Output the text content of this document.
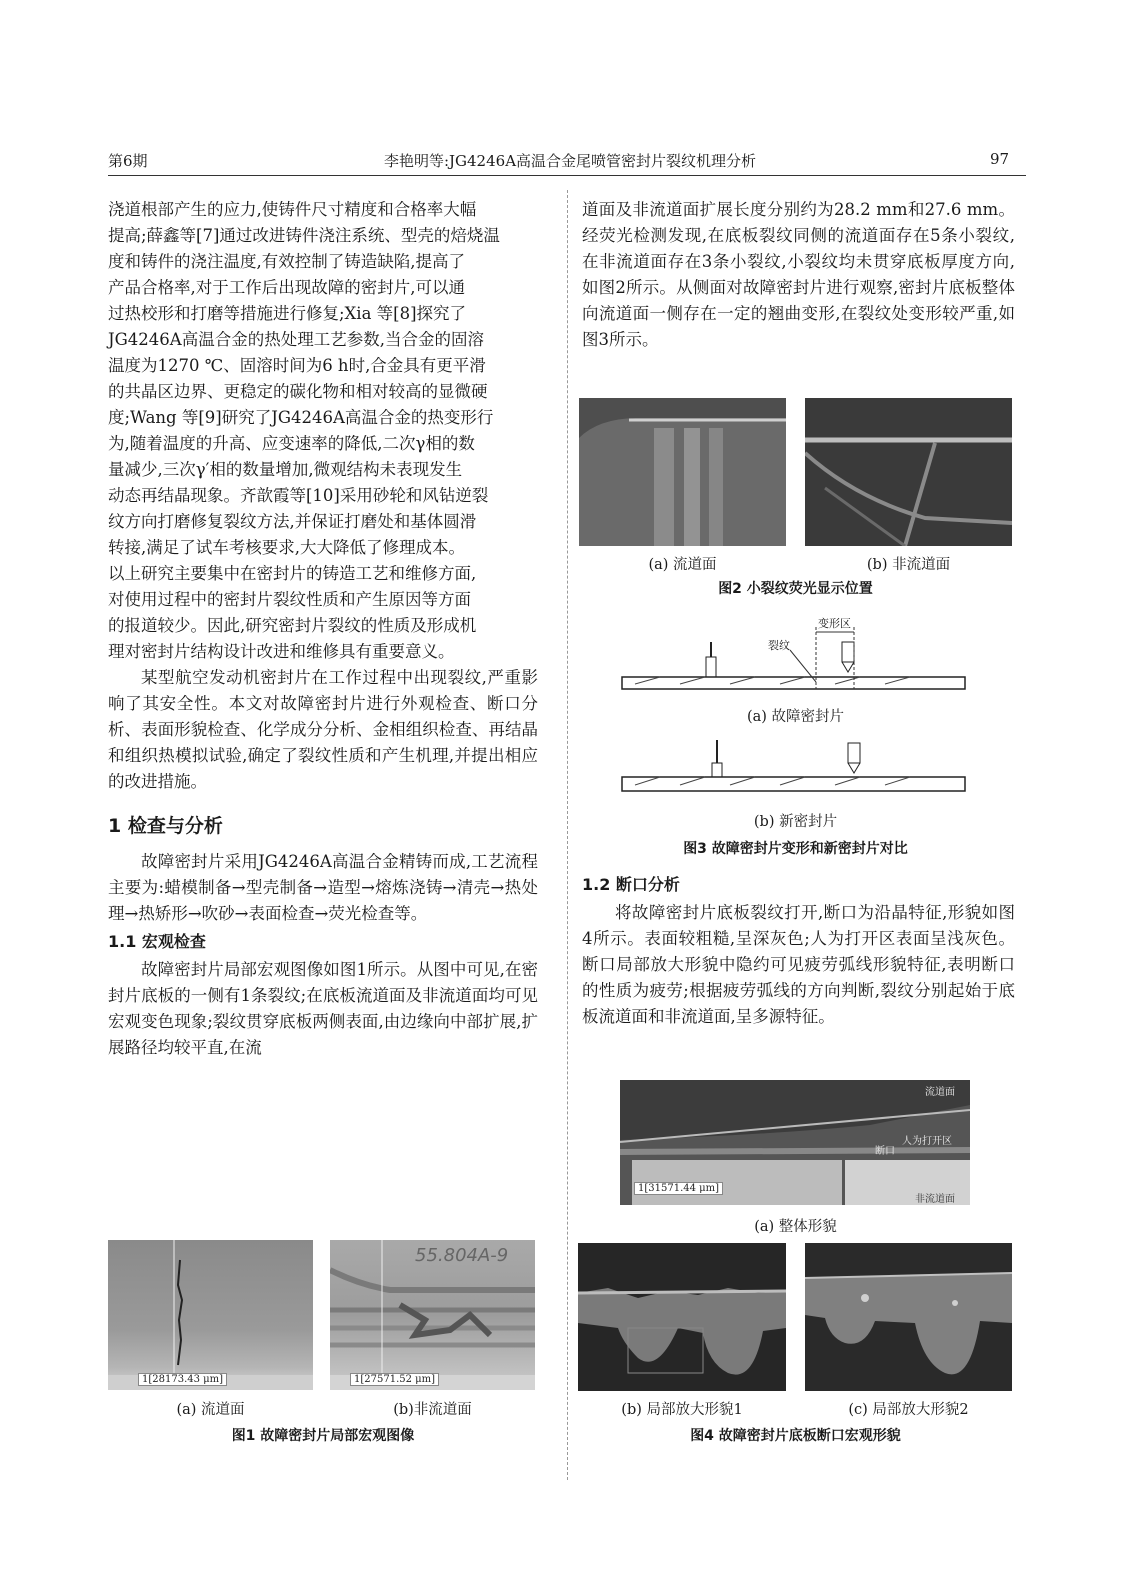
第6期	李艳明等:JG4246A高温合金尾喷管密封片裂纹机理分析	97
浇道根部产生的应力,使铸件尺寸精度和合格率大幅
提高;薛鑫等[7]通过改进铸件浇注系统、型壳的焙烧温
度和铸件的浇注温度,有效控制了铸造缺陷,提高了
产品合格率,对于工作后出现故障的密封片,可以通
过热校形和打磨等措施进行修复;Xia 等[8]探究了
JG4246A高温合金的热处理工艺参数,当合金的固溶
温度为1270 ℃、固溶时间为6 h时,合金具有更平滑
的共晶区边界、更稳定的碳化物和相对较高的显微硬
度;Wang 等[9]研究了JG4246A高温合金的热变形行
为,随着温度的升高、应变速率的降低,二次γ相的数
量减少,三次γ′相的数量增加,微观结构未表现发生
动态再结晶现象。齐歆霞等[10]采用砂轮和风钻逆裂
纹方向打磨修复裂纹方法,并保证打磨处和基体圆滑
转接,满足了试车考核要求,大大降低了修理成本。
以上研究主要集中在密封片的铸造工艺和维修方面,
对使用过程中的密封片裂纹性质和产生原因等方面
的报道较少。因此,研究密封片裂纹的性质及形成机
理对密封片结构设计改进和维修具有重要意义。

某型航空发动机密封片在工作过程中出现裂纹,严重影响了其安全性。本文对故障密封片进行外观检查、断口分析、表面形貌检查、化学成分分析、金相组织检查、再结晶和组织热模拟试验,确定了裂纹性质和产生机理,并提出相应的改进措施。

1 检查与分析

故障密封片采用JG4246A高温合金精铸而成,工艺流程主要为:蜡模制备→型壳制备→造型→熔炼浇铸→清壳→热处理→热矫形→吹砂→表面检查→荧光检查等。

1.1 宏观检查

故障密封片局部宏观图像如图1所示。从图中可见,在密封片底板的一侧有1条裂纹;在底板流道面及非流道面均可见宏观变色现象;裂纹贯穿底板两侧表面,由边缘向中部扩展,扩展路径均较平直,在流

1[28173.43 μm]
55.804A-9
1[27571.52 μm]
(a) 流道面	(b)非流道面
图1 故障密封片局部宏观图像

道面及非流道面扩展长度分别约为28.2 mm和27.6 mm。经荧光检测发现,在底板裂纹同侧的流道面存在5条小裂纹,在非流道面存在3条小裂纹,小裂纹均未贯穿底板厚度方向,如图2所示。从侧面对故障密封片进行观察,密封片底板整体向流道面一侧存在一定的翘曲变形,在裂纹处变形较严重,如图3所示。

(a) 流道面	(b) 非流道面
图2 小裂纹荧光显示位置
裂纹
变形区
(a) 故障密封片
(b) 新密封片
图3 故障密封片变形和新密封片对比
1.2 断口分析

将故障密封片底板裂纹打开,断口为沿晶特征,形貌如图4所示。表面较粗糙,呈深灰色;人为打开区表面呈浅灰色。断口局部放大形貌中隐约可见疲劳弧线形貌特征,表明断口的性质为疲劳;根据疲劳弧线的方向判断,裂纹分别起始于底板流道面和非流道面,呈多源特征。

流道面
人为打开区
断口
非流道面
1[31571.44 μm]
(a) 整体形貌
(b) 局部放大形貌1	(c) 局部放大形貌2
图4 故障密封片底板断口宏观形貌
